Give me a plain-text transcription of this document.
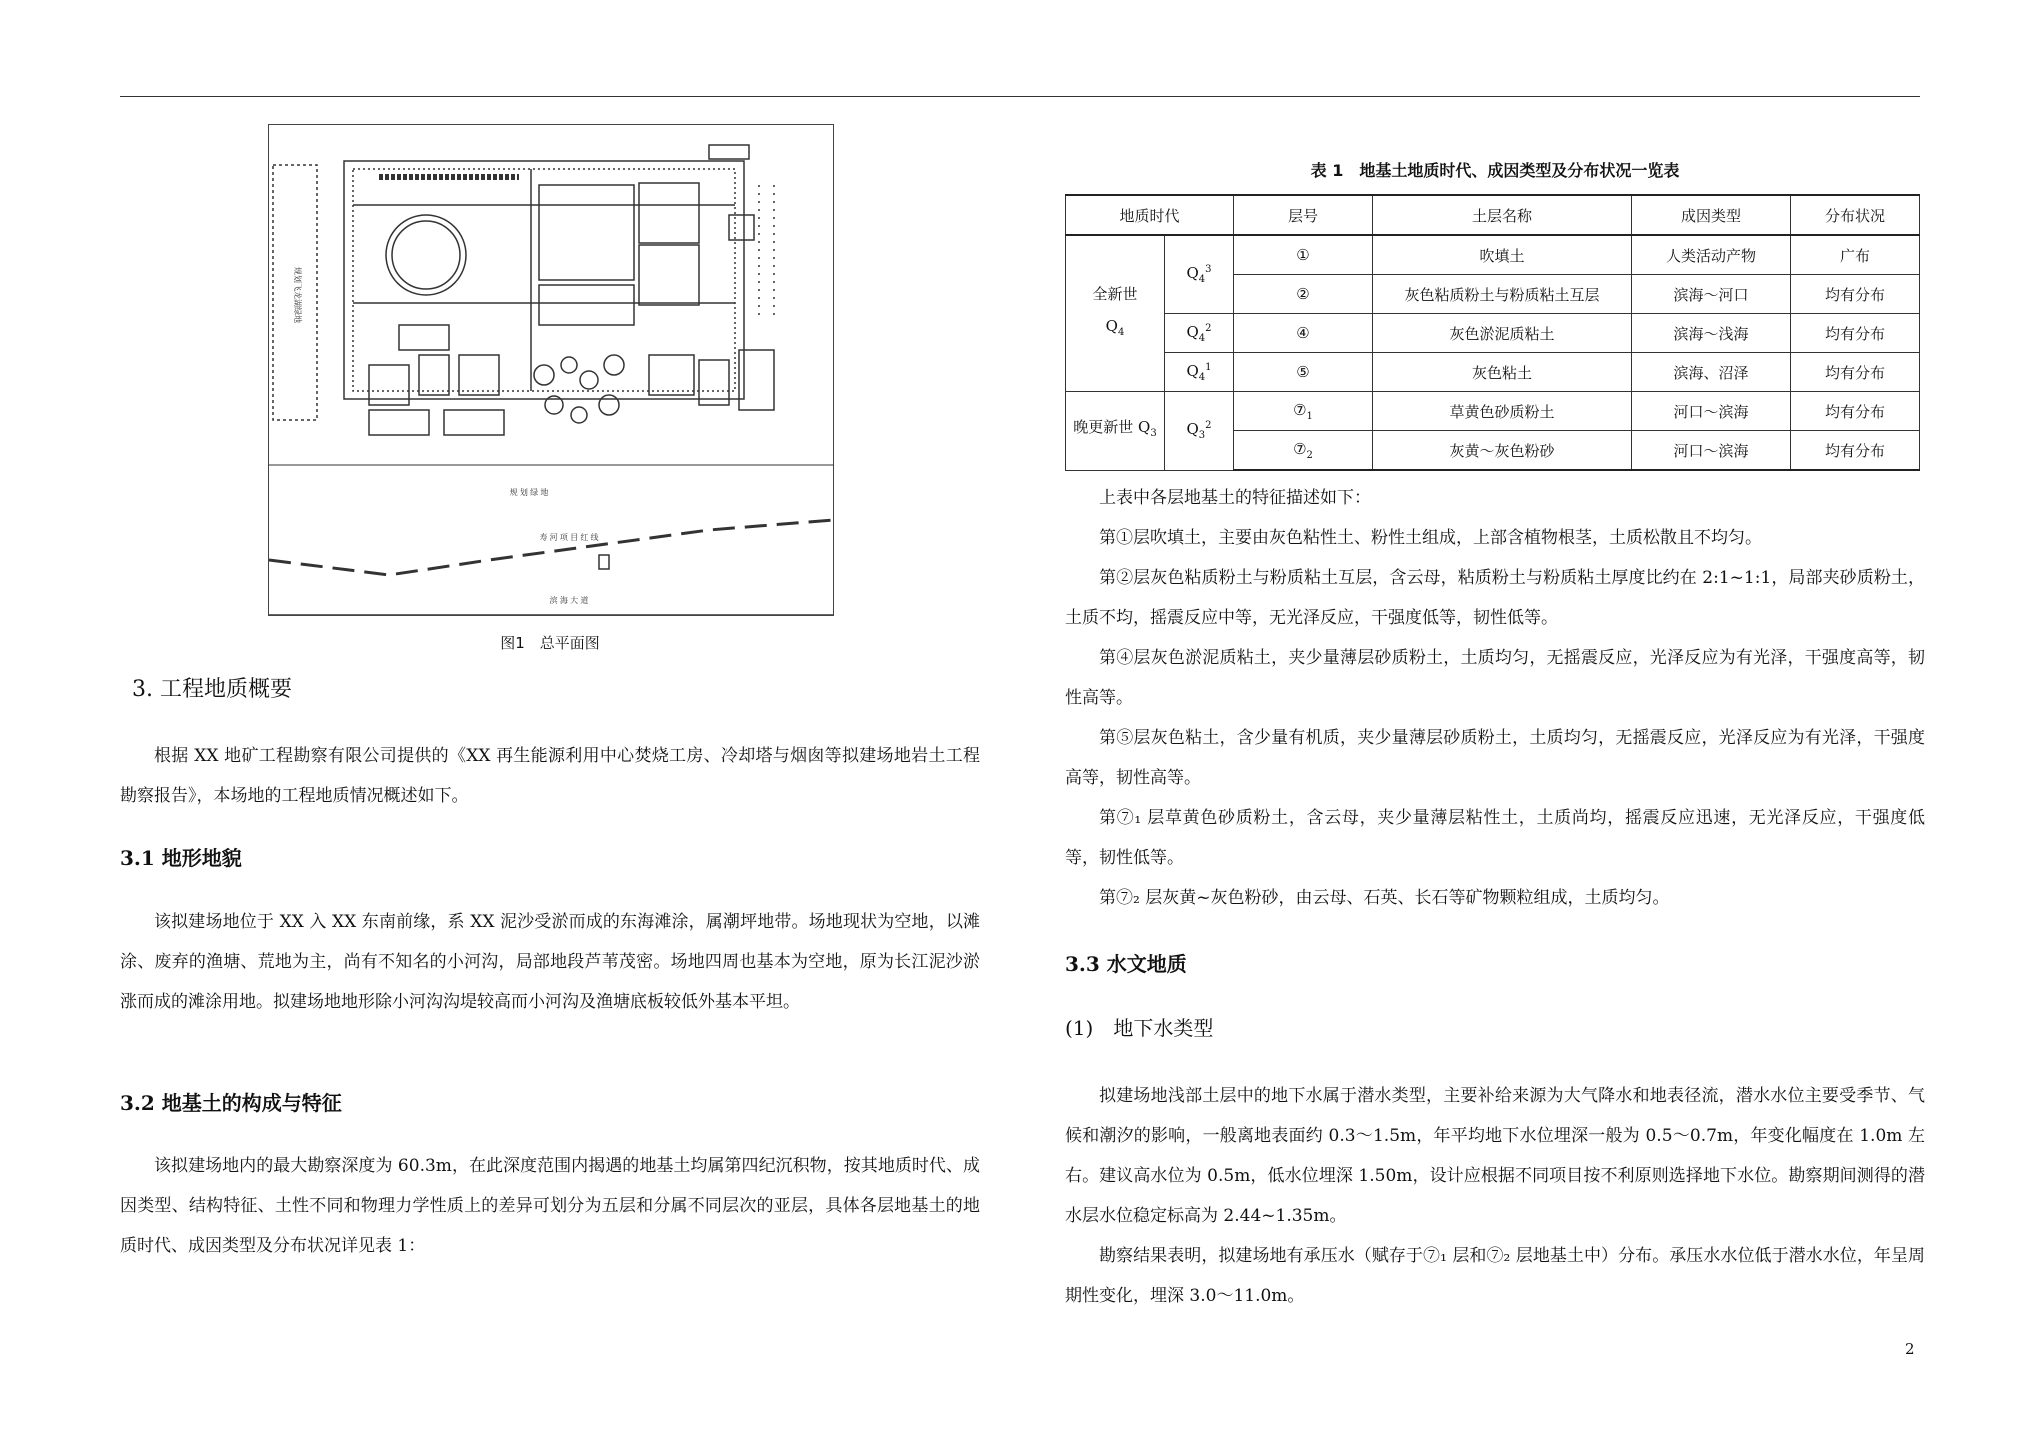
规划飞龙湖绿地
规 划 绿 地
寿 河 项 目 红 线
滨 海 大 道
图1　总平面图
3. 工程地质概要

根据 XX 地矿工程勘察有限公司提供的《XX 再生能源利用中心焚烧工房、冷却塔与烟囱等拟建场地岩土工程勘察报告》，本场地的工程地质情况概述如下。

3.1 地形地貌

该拟建场地位于 XX 入 XX 东南前缘，系 XX 泥沙受淤而成的东海滩涂，属潮坪地带。场地现状为空地，以滩涂、废弃的渔塘、荒地为主，尚有不知名的小河沟，局部地段芦苇茂密。场地四周也基本为空地，原为长江泥沙淤涨而成的滩涂用地。拟建场地地形除小河沟沟堤较高而小河沟及渔塘底板较低外基本平坦。

3.2 地基土的构成与特征

该拟建场地内的最大勘察深度为 60.3m，在此深度范围内揭遇的地基土均属第四纪沉积物，按其地质时代、成因类型、结构特征、土性不同和物理力学性质上的差异可划分为五层和分属不同层次的亚层，具体各层地基土的地质时代、成因类型及分布状况详见表 1：

表 1　地基土地质时代、成因类型及分布状况一览表
地质时代		层号	土层名称	成因类型	分布状况
全新世
$Q_4$	$Q_4^3$	①	吹填土	人类活动产物	广布
		②	灰色粘质粉土与粉质粘土互层	滨海～河口	均有分布
	$Q_4^2$	④	灰色淤泥质粘土	滨海～浅海	均有分布
	$Q_4^1$	⑤	灰色粘土	滨海、沼泽	均有分布
晚更新世 $Q_3$	$Q_3^2$	$⑦_1$	草黄色砂质粉土	河口～滨海	均有分布
		$⑦_2$	灰黄～灰色粉砂	河口～滨海	均有分布

上表中各层地基土的特征描述如下：

第①层吹填土，主要由灰色粘性土、粉性土组成，上部含植物根茎，土质松散且不均匀。

第②层灰色粘质粉土与粉质粘土互层，含云母，粘质粉土与粉质粘土厚度比约在 2:1~1:1，局部夹砂质粉土，土质不均，摇震反应中等，无光泽反应，干强度低等，韧性低等。

第④层灰色淤泥质粘土，夹少量薄层砂质粉土，土质均匀，无摇震反应，光泽反应为有光泽，干强度高等，韧性高等。

第⑤层灰色粘土，含少量有机质，夹少量薄层砂质粉土，土质均匀，无摇震反应，光泽反应为有光泽，干强度高等，韧性高等。

第⑦₁ 层草黄色砂质粉土，含云母，夹少量薄层粘性土，土质尚均，摇震反应迅速，无光泽反应，干强度低等，韧性低等。

第⑦₂ 层灰黄~灰色粉砂，由云母、石英、长石等矿物颗粒组成，土质均匀。

3.3 水文地质
(1)　地下水类型

拟建场地浅部土层中的地下水属于潜水类型，主要补给来源为大气降水和地表径流，潜水水位主要受季节、气候和潮汐的影响，一般离地表面约 0.3～1.5m，年平均地下水位埋深一般为 0.5～0.7m，年变化幅度在 1.0m 左右。建议高水位为 0.5m，低水位埋深 1.50m，设计应根据不同项目按不利原则选择地下水位。勘察期间测得的潜水层水位稳定标高为 2.44~1.35m。

勘察结果表明，拟建场地有承压水（赋存于⑦₁ 层和⑦₂ 层地基土中）分布。承压水水位低于潜水水位，年呈周期性变化，埋深 3.0～11.0m。

2
